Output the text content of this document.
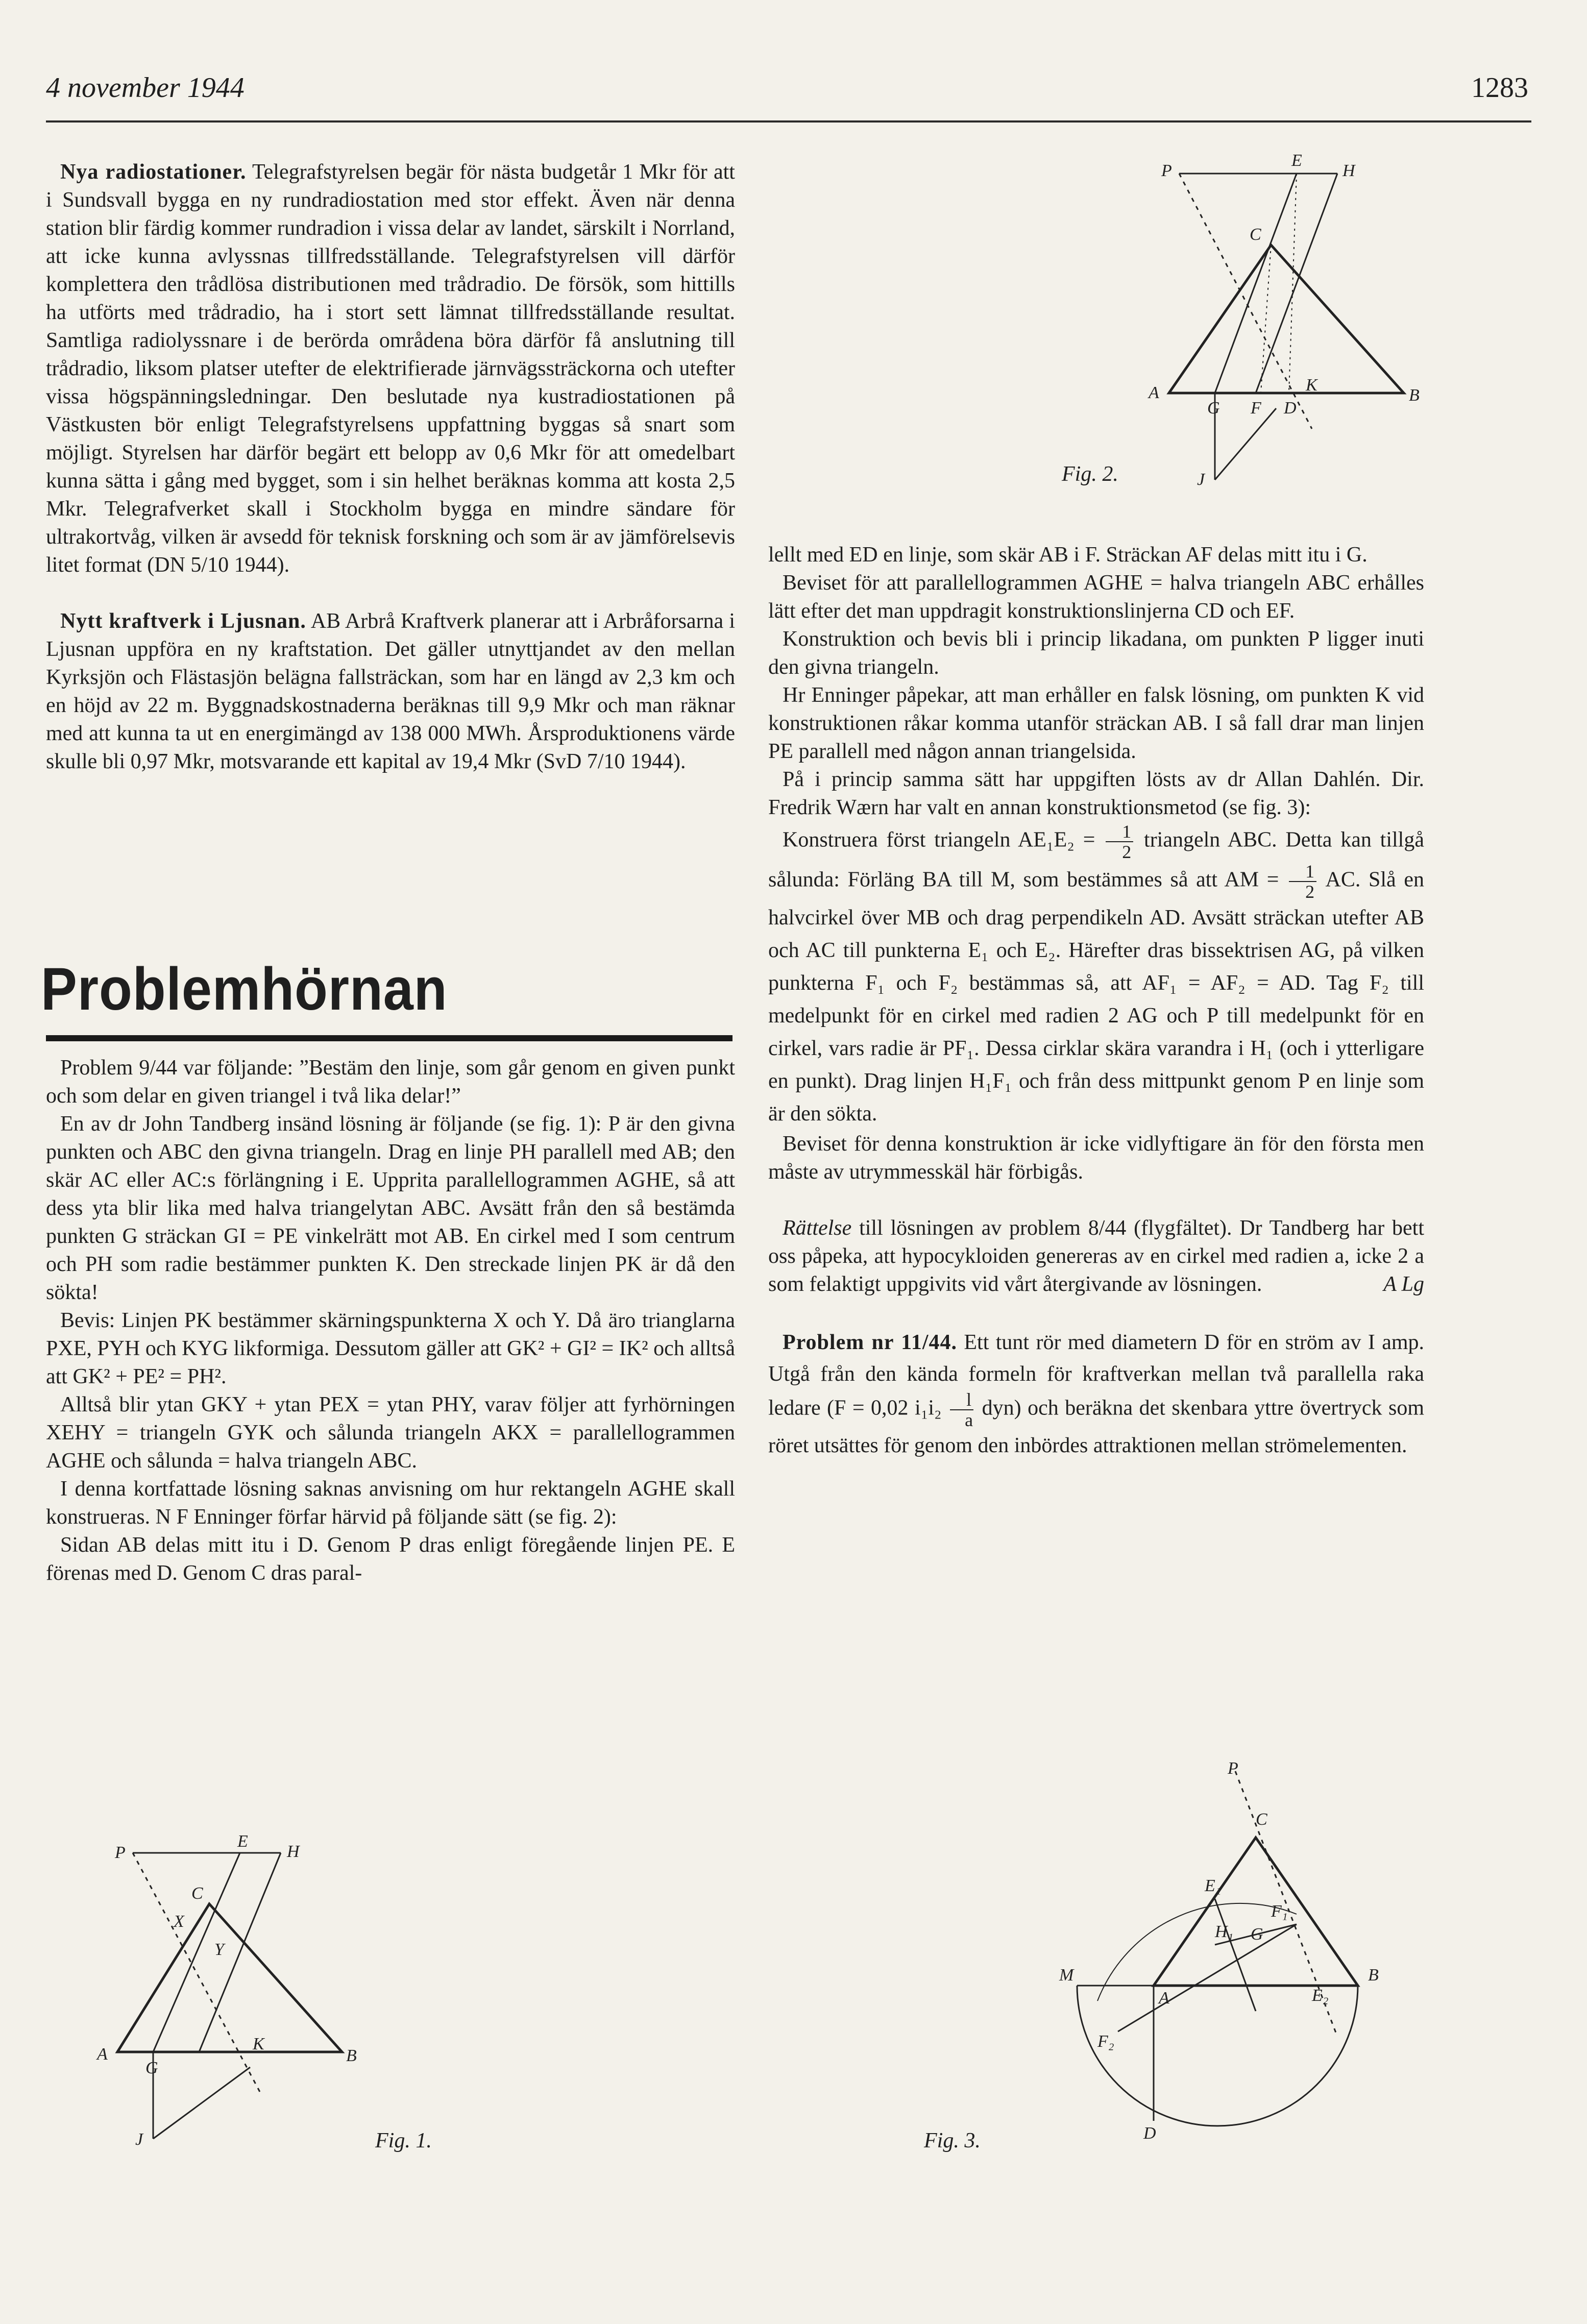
4 november 1944	1283

Nya radiostationer. Telegrafstyrelsen begär för nästa budgetår 1 Mkr för att i Sundsvall bygga en ny rundradiostation med stor effekt. Även när denna station blir färdig kommer rundradion i vissa delar av landet, särskilt i Norrland, att icke kunna avlyssnas tillfredsställande. Telegrafstyrelsen vill därför komplettera den trådlösa distributionen med trådradio. De försök, som hittills ha utförts med trådradio, ha i stort sett lämnat tillfredsställande resultat. Samtliga radiolyssnare i de berörda områdena böra därför få anslutning till trådradio, liksom platser utefter de elektrifierade järnvägssträckorna och utefter vissa högspänningsledningar. Den beslutade nya kustradiostationen på Västkusten bör enligt Telegrafstyrelsens uppfattning byggas så snart som möjligt. Styrelsen har därför begärt ett belopp av 0,6 Mkr för att omedelbart kunna sätta i gång med bygget, som i sin helhet beräknas komma att kosta 2,5 Mkr. Telegrafverket skall i Stockholm bygga en mindre sändare för ultrakortvåg, vilken är avsedd för teknisk forskning och som är av jämförelsevis litet format (DN 5/10 1944).

Nytt kraftverk i Ljusnan. AB Arbrå Kraftverk planerar att i Arbråforsarna i Ljusnan uppföra en ny kraftstation. Det gäller utnyttjandet av den mellan Kyrksjön och Flästasjön belägna fallsträckan, som har en längd av 2,3 km och en höjd av 22 m. Byggnadskostnaderna beräknas till 9,9 Mkr och man räknar med att kunna ta ut en energimängd av 138 000 MWh. Årsproduktionens värde skulle bli 0,97 Mkr, motsvarande ett kapital av 19,4 Mkr (SvD 7/10 1944).

Problemhörnan

Problem 9/44 var följande: ”Bestäm den linje, som går genom en given punkt och som delar en given triangel i två lika delar!”

En av dr John Tandberg insänd lösning är följande (se fig. 1): P är den givna punkten och ABC den givna triangeln. Drag en linje PH parallell med AB; den skär AC eller AC:s förlängning i E. Upprita parallellogrammen AGHE, så att dess yta blir lika med halva triangelytan ABC. Avsätt från den så bestämda punkten G sträckan GI = PE vinkelrätt mot AB. En cirkel med I som centrum och PH som radie bestämmer punkten K. Den streckade linjen PK är då den sökta!

Bevis: Linjen PK bestämmer skärningspunkterna X och Y. Då äro trianglarna PXE, PYH och KYG likformiga. Dessutom gäller att GK² + GI² = IK² och alltså att GK² + PE² = PH².

Alltså blir ytan GKY + ytan PEX = ytan PHY, varav följer att fyrhörningen XEHY = triangeln GYK och sålunda triangeln AKX = parallellogrammen AGHE och sålunda = halva triangeln ABC.

I denna kortfattade lösning saknas anvisning om hur rektangeln AGHE skall konstrueras. N F Enninger förfar härvid på följande sätt (se fig. 2):

Sidan AB delas mitt itu i D. Genom P dras enligt föregående linjen PE. E förenas med D. Genom C dras paral-

lellt med ED en linje, som skär AB i F. Sträckan AF delas mitt itu i G.

Beviset för att parallellogrammen AGHE = halva triangeln ABC erhålles lätt efter det man uppdragit konstruktionslinjerna CD och EF.

Konstruktion och bevis bli i princip likadana, om punkten P ligger inuti den givna triangeln.

Hr Enninger påpekar, att man erhåller en falsk lösning, om punkten K vid konstruktionen råkar komma utanför sträckan AB. I så fall drar man linjen PE parallell med någon annan triangelsida.

På i princip samma sätt har uppgiften lösts av dr Allan Dahlén. Dir. Fredrik Wærn har valt en annan konstruktionsmetod (se fig. 3):

Konstruera först triangeln $AE_1E_2 = \frac{1}{2}$ triangeln ABC. Detta kan tillgå sålunda: Förläng BA till M, som bestämmes så att AM = $\frac{1}{2}$ AC. Slå en halvcirkel över MB och drag perpendikeln AD. Avsätt sträckan utefter AB och AC till punkterna E₁ och E₂. Härefter dras bissektrisen AG, på vilken punkterna F₁ och F₂ bestämmas så, att AF₁ = AF₂ = AD. Tag F₂ till medelpunkt för en cirkel med radien 2 AG och P till medelpunkt för en cirkel, vars radie är PF₁. Dessa cirklar skära varandra i H₁ (och i ytterligare en punkt). Drag linjen H₁F₁ och från dess mittpunkt genom P en linje som är den sökta.

Beviset för denna konstruktion är icke vidlyftigare än för den första men måste av utrymmesskäl här förbigås.

Rättelse till lösningen av problem 8/44 (flygfältet). Dr Tandberg har bett oss påpeka, att hypocykloiden genereras av en cirkel med radien a, icke 2 a som felaktigt uppgivits vid vårt återgivande av lösningen.	A Lg

Problem nr 11/44. Ett tunt rör med diametern D för en ström av I amp. Utgå från den kända formeln för kraftverkan mellan två parallella raka ledare (F = 0,02 $i_1i_2 \frac{l}{a} dyn$) och beräkna det skenbara yttre övertryck som röret utsättes för genom den inbördes attraktionen mellan strömelementen.

P
E
H
C
A
G F D
K
B
J
Fig. 2.
P
E
H
C
X
Y
A
G
K
B
J	Fig. 1.
P
C
E₁
H₁ G
F₁
M
A	E₂
B
F₂
D
Fig. 3.
